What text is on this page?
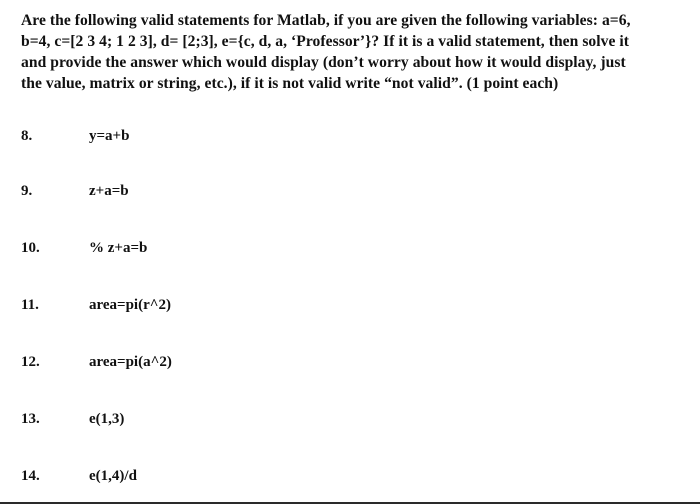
Are the following valid statements for Matlab, if you are given the following variables: a=6,
b=4, c=[2 3 4; 1 2 3], d= [2;3], e={c, d, a, ‘Professor’}? If it is a valid statement, then solve it
and provide the answer which would display (don’t worry about how it would display, just
the value, matrix or string, etc.), if it is not valid write “not valid”. (1 point each)

8.	y=a+b
9.	z+a=b
10.	% z+a=b
11.	area=pi(r^2)
12.	area=pi(a^2)
13.	e(1,3)
14.	e(1,4)/d
